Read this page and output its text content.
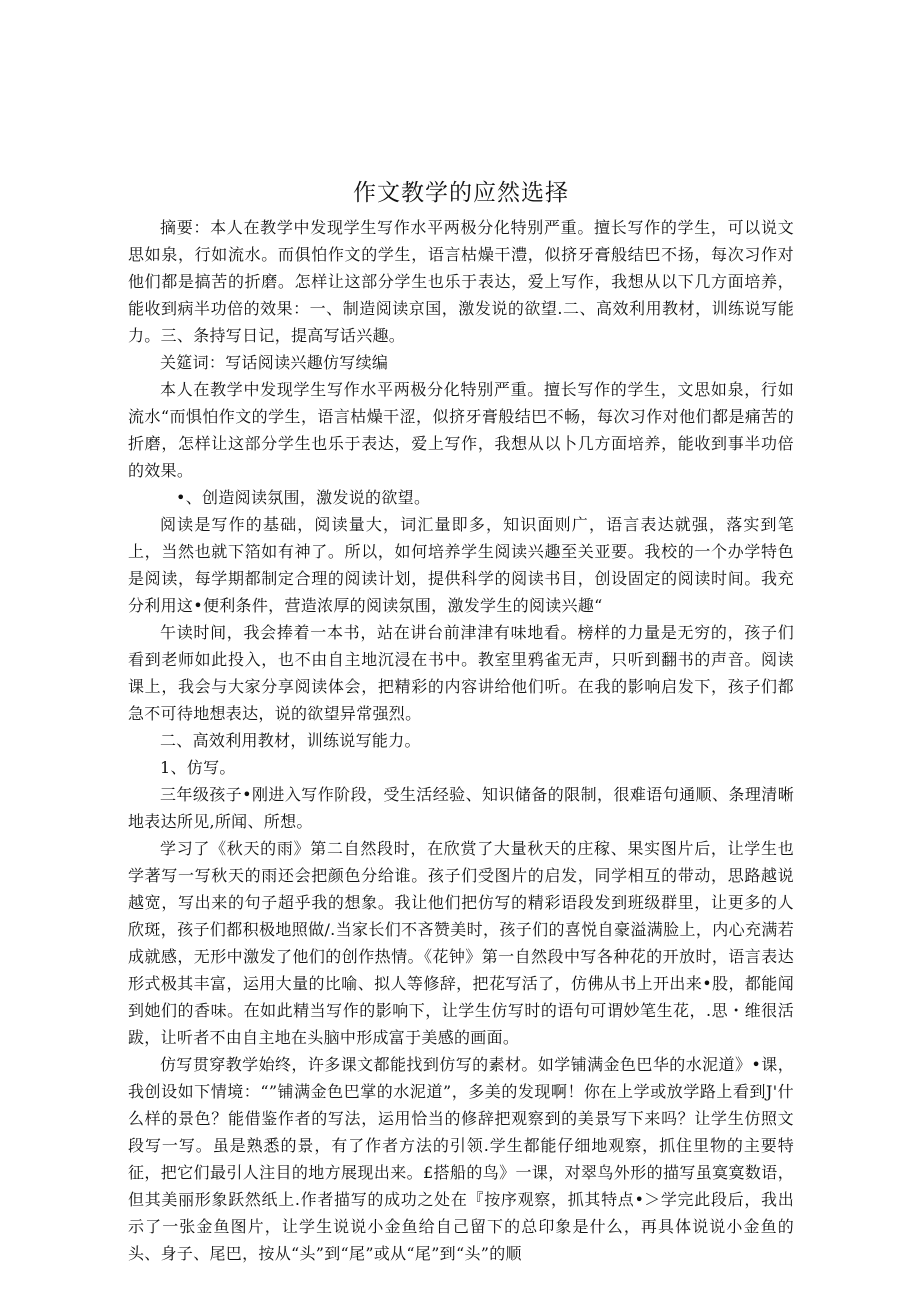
作文教学的应然选择

摘要：本人在教学中发现学生写作水平两极分化特别严重。擅长写作的学生，可以说文思如泉，行如流水。而俱怕作文的学生，语言枯燥干澧，似挤牙膏般结巴不扬，每次习作对他们都是搞苦的折磨。怎样让这部分学生也乐于表达，爱上写作，我想从以下几方面培养，能收到病半功倍的效果：一、制造阅读京国，激发说的欲望.二、高效利用教材，训练说写能力。三、条持写日记，提高写话兴趣。

关筵词：写话阅读兴趣仿写续编

本人在教学中发现学生写作水平两极分化特别严重。擅长写作的学生，文思如泉，行如流水“而惧怕作文的学生，语言枯燥干涩，似挤牙膏般结巴不畅，每次习作对他们都是痛苦的折磨，怎样让这部分学生也乐于表达，爱上写作，我想从以卜几方面培养，能收到事半功倍的效果。

•、创造阅读氛围，激发说的欲望。

阅读是写作的基础，阅读量大，词汇量即多，知识面则广，语言表达就强，落实到笔上，当然也就下箔如有神了。所以，如何培养学生阅读兴趣至关亚要。我校的一个办学特色是阅读，每学期都制定合理的阅读计划，提供科学的阅读书目，创设固定的阅读时间。我充分利用这•便利条件，营造浓厚的阅读氛围，激发学生的阅读兴趣“

午读时间，我会捧着一本书，站在讲台前津津有味地看。榜样的力量是无穷的，孩子们看到老师如此投入，也不由自主地沉浸在书中。教室里鸦雀无声，只听到翻书的声音。阅读课上，我会与大家分享阅读体会，把精彩的内容讲给他们听。在我的影响启发下，孩子们都急不可待地想表达，说的欲望异常强烈。

二、高效利用教材，训练说写能力。

1、仿写。

三年级孩子•刚进入写作阶段，受生活经验、知识储备的限制，很难语句通顺、条理清晰地表达所见,所闻、所想。

学习了《秋天的雨》第二自然段时，在欣赏了大量秋天的庄稼、果实图片后，让学生也学著写一写秋天的雨还会把颜色分给谁。孩子们受图片的启发，同学相互的带动，思路越说越宽，写出来的句子超乎我的想象。我让他们把仿写的精彩语段发到班级群里，让更多的人欣斑，孩子们都积极地照做/.当家长们不吝赞美时，孩子们的喜悦自豪溢满脸上，内心充满若成就感，无形中激发了他们的创作热情。《花钟》第一自然段中写各种花的开放时，语言表达形式极其丰富，运用大量的比喻、拟人等修辞，把花写活了，仿佛从书上开出来•股，都能闻到她们的香味。在如此精当写作的影响下，让学生仿写时的语句可谓妙笔生花，.思・维很活跋，让听者不由自主地在头脑中形成富于美感的画面。

仿写贯穿教学始终，许多课文都能找到仿写的素材。如学铺满金色巴华的水泥道》•课，我创设如下情境：“”铺满金色巴掌的水泥道”，多美的发现啊！你在上学或放学路上看到J'什么样的景色？能借鉴作者的写法，运用恰当的修辞把观察到的美景写下来吗？让学生仿照文段写一写。虽是熟悉的景，有了作者方法的引领.学生都能仔细地观察，抓住里物的主要特征，把它们最引人注目的地方展现出来。£搭船的鸟》一课，对翠鸟外形的描写虽寞寞数语，但其美丽形象跃然纸上.作者描写的成功之处在『按序观察，抓其特点•＞学完此段后，我出示了一张金鱼图片，让学生说说小金鱼给自己留下的总印象是什么，再具体说说小金鱼的头、身子、尾巴，按从“头”到“尾”或从“尾”到“头”的顺
